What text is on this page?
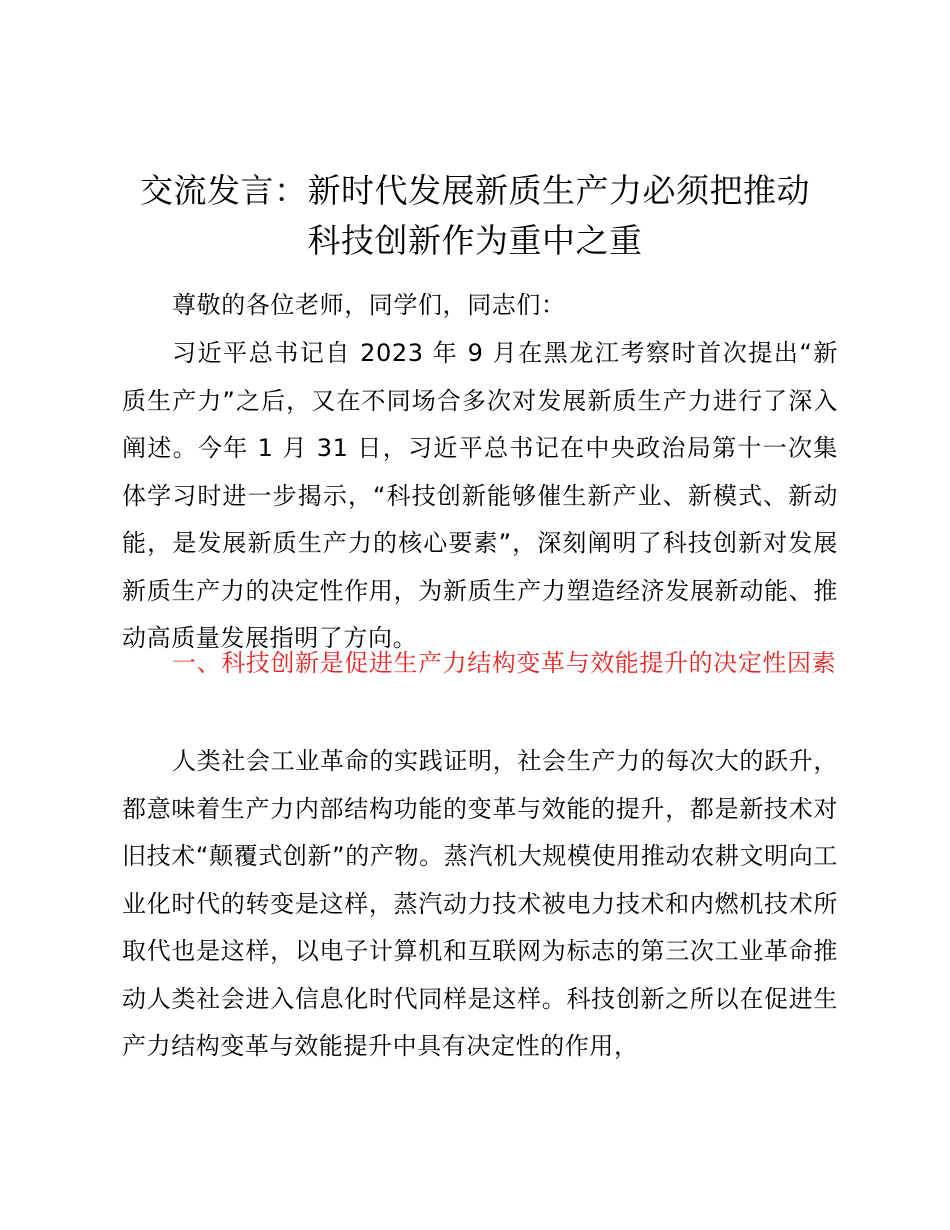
交流发言：新时代发展新质生产力必须把推动
科技创新作为重中之重

尊敬的各位老师，同学们，同志们：

习近平总书记自 2023 年 9 月在黑龙江考察时首次提出“新质生产力”之后，又在不同场合多次对发展新质生产力进行了深入阐述。今年 1 月 31 日，习近平总书记在中央政治局第十一次集体学习时进一步揭示，“科技创新能够催生新产业、新模式、新动能，是发展新质生产力的核心要素”，深刻阐明了科技创新对发展新质生产力的决定性作用，为新质生产力塑造经济发展新动能、推动高质量发展指明了方向。

一、科技创新是促进生产力结构变革与效能提升的决定性因素

人类社会工业革命的实践证明，社会生产力的每次大的跃升，都意味着生产力内部结构功能的变革与效能的提升，都是新技术对旧技术“颠覆式创新”的产物。蒸汽机大规模使用推动农耕文明向工业化时代的转变是这样，蒸汽动力技术被电力技术和内燃机技术所取代也是这样，以电子计算机和互联网为标志的第三次工业革命推动人类社会进入信息化时代同样是这样。科技创新之所以在促进生产力结构变革与效能提升中具有决定性的作用，
